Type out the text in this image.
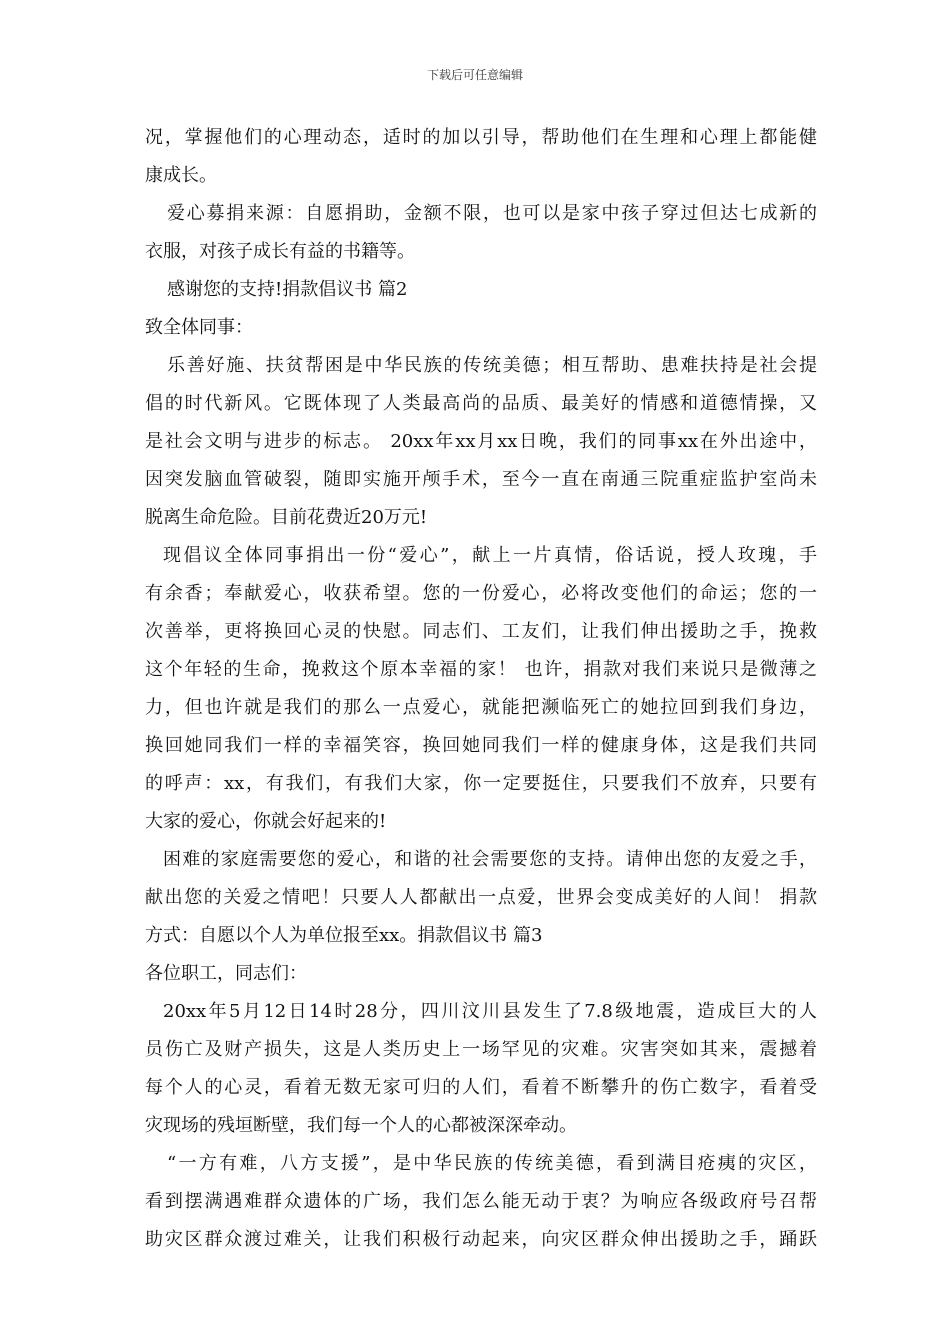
下载后可任意编辑
况，掌握他们的心理动态，适时的加以引导，帮助他们在生理和心理上都能健
康成长。
爱心募捐来源：自愿捐助，金额不限，也可以是家中孩子穿过但达七成新的
衣服，对孩子成长有益的书籍等。
感谢您的支持!捐款倡议书 篇2
致全体同事：
乐善好施、扶贫帮困是中华民族的传统美德；相互帮助、患难扶持是社会提
倡的时代新风。它既体现了人类最高尚的品质、最美好的情感和道德情操，又
是社会文明与进步的标志。 20xx年xx月xx日晚，我们的同事xx在外出途中，
因突发脑血管破裂，随即实施开颅手术，至今一直在南通三院重症监护室尚未
脱离生命危险。目前花费近20万元!
现倡议全体同事捐出一份“爱心”，献上一片真情，俗话说，授人玫瑰，手
有余香；奉献爱心，收获希望。您的一份爱心，必将改变他们的命运；您的一
次善举，更将换回心灵的快慰。同志们、工友们，让我们伸出援助之手，挽救
这个年轻的生命，挽救这个原本幸福的家！ 也许，捐款对我们来说只是微薄之
力，但也许就是我们的那么一点爱心，就能把濒临死亡的她拉回到我们身边，
换回她同我们一样的幸福笑容，换回她同我们一样的健康身体，这是我们共同
的呼声：xx，有我们，有我们大家，你一定要挺住，只要我们不放弃，只要有
大家的爱心，你就会好起来的!
困难的家庭需要您的爱心，和谐的社会需要您的支持。请伸出您的友爱之手，
献出您的关爱之情吧！只要人人都献出一点爱，世界会变成美好的人间！ 捐款
方式：自愿以个人为单位报至xx。捐款倡议书 篇3
各位职工，同志们：
20xx年5月12日14时28分，四川汶川县发生了7.8级地震，造成巨大的人
员伤亡及财产损失，这是人类历史上一场罕见的灾难。灾害突如其来，震撼着
每个人的心灵，看着无数无家可归的人们，看着不断攀升的伤亡数字，看着受
灾现场的残垣断壁，我们每一个人的心都被深深牵动。
“一方有难，八方支援”，是中华民族的传统美德，看到满目疮痍的灾区，
看到摆满遇难群众遗体的广场，我们怎么能无动于衷？为响应各级政府号召帮
助灾区群众渡过难关，让我们积极行动起来，向灾区群众伸出援助之手，踊跃
